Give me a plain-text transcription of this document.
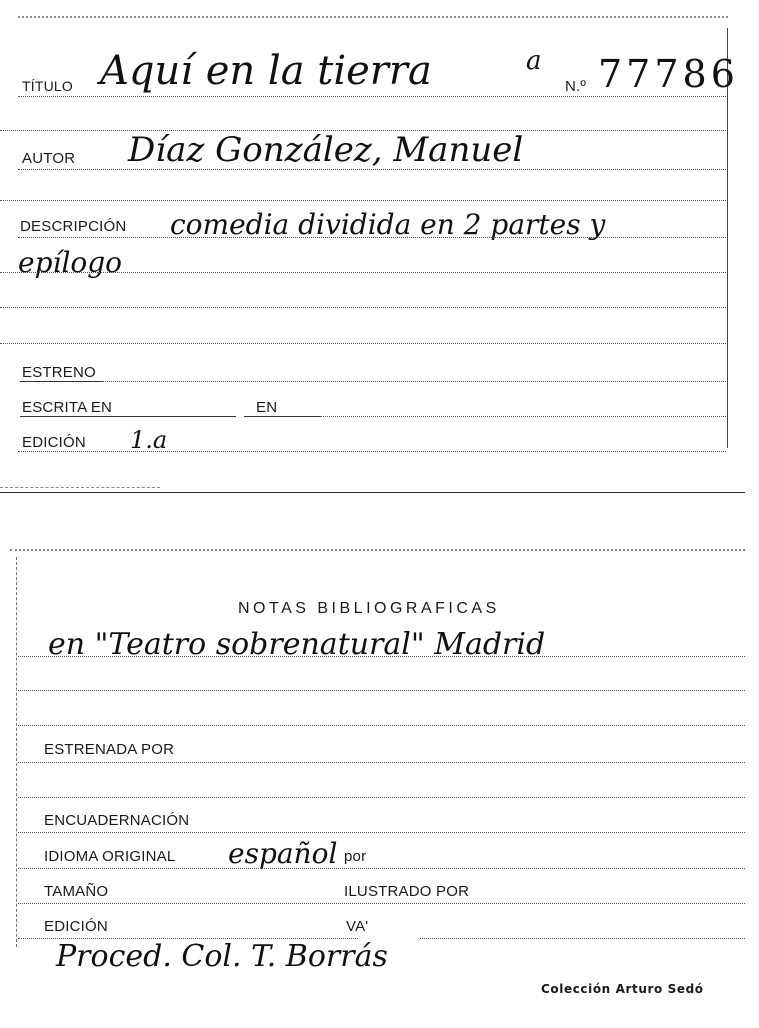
TÍTULO Aquí en la tierra	a
N.º 77786
AUTOR Díaz González, Manuel
DESCRIPCIÓN comedia dividida en 2 partes y
epílogo
ESTRENO
ESCRITA EN	EN
EDICIÓN 1.a
NOTAS BIBLIOGRAFICAS
en "Teatro sobrenatural" Madrid
ESTRENADA POR
ENCUADERNACIÓN
IDIOMA ORIGINAL español por
TAMAÑO	ILUSTRADO POR
EDICIÓN	VA'
Proced. Col. T. Borrás
Colección Arturo Sedó
